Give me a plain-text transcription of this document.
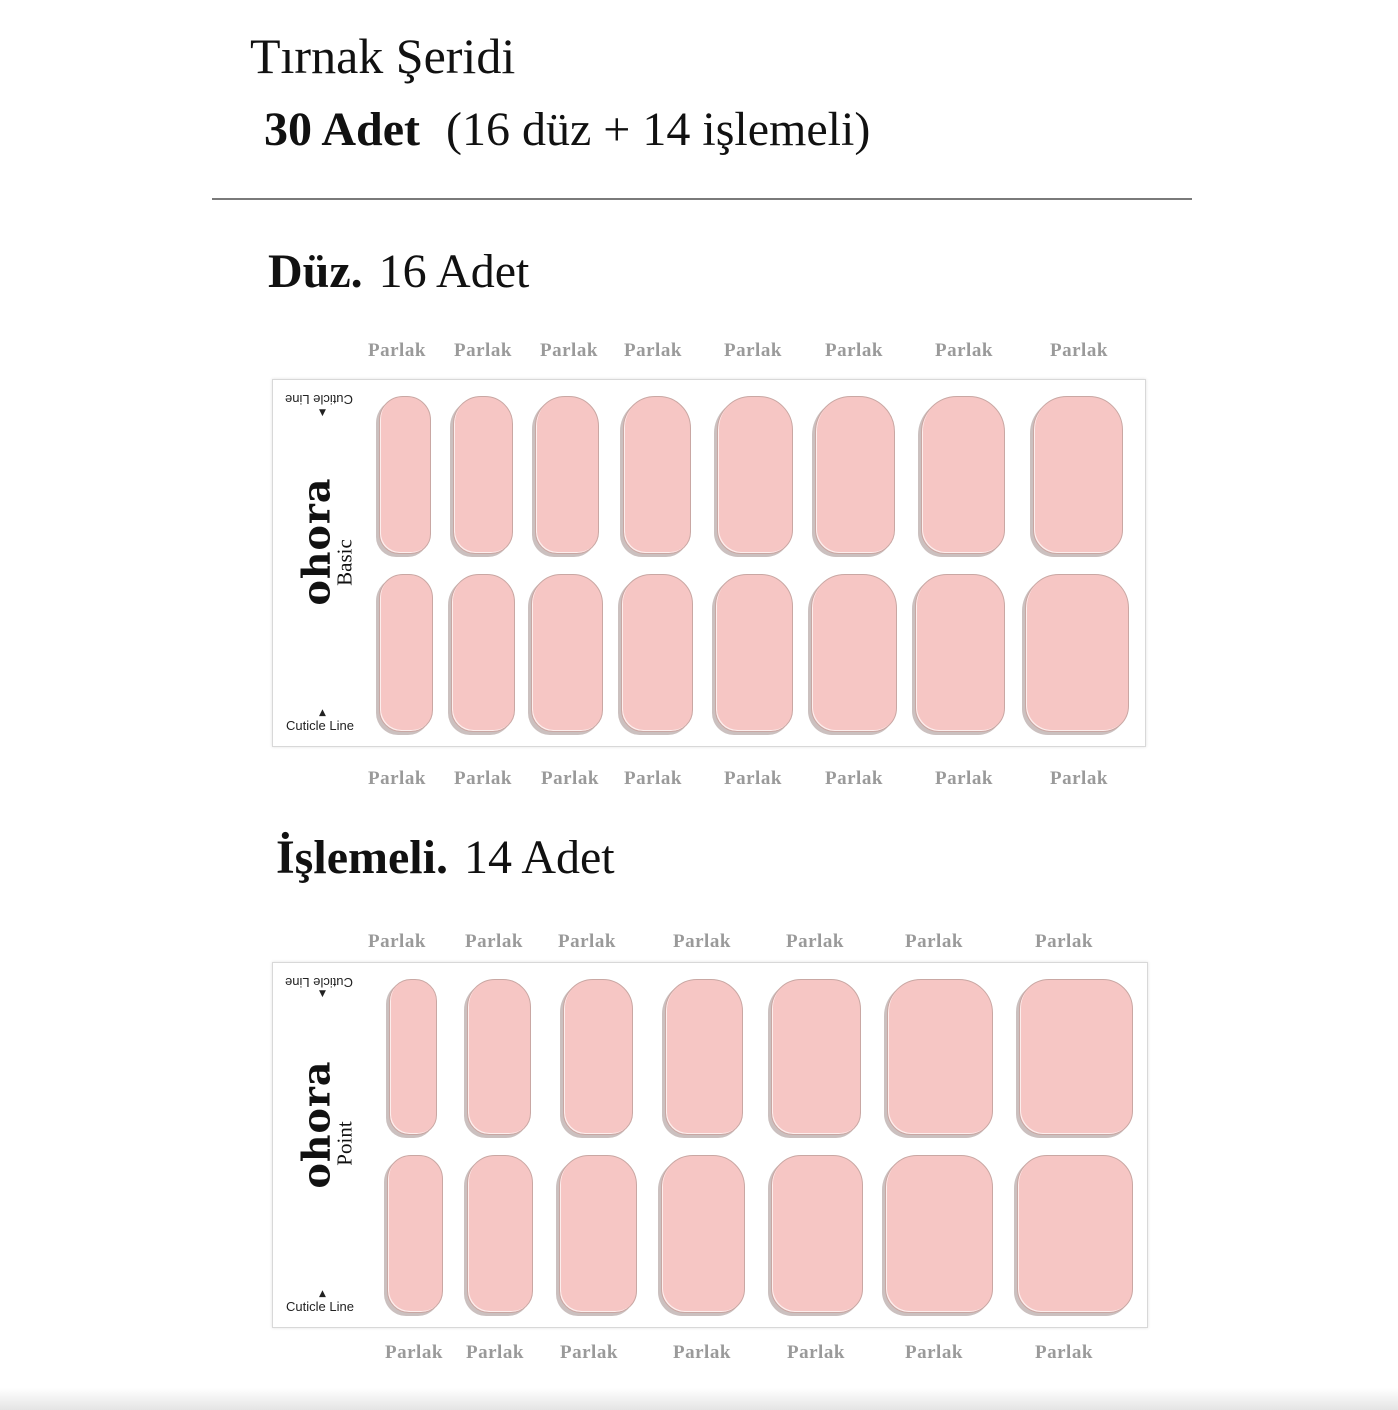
Tırnak Şeridi
30 Adet (16 düz + 14 işlemeli)
Düz. 16 Adet
Parlak Parlak Parlak Parlak Parlak Parlak	Parlak	Parlak
Cuticle Line
▼
ohora
Basic
▲
Cuticle Line
Parlak Parlak Parlak Parlak Parlak Parlak	Parlak	Parlak
İşlemeli. 14 Adet
Parlak Parlak Parlak	Parlak	Parlak	Parlak	Parlak
Cuticle Line
▼
ohora
Point
▲
Cuticle Line
Parlak Parlak Parlak	Parlak	Parlak	Parlak	Parlak
